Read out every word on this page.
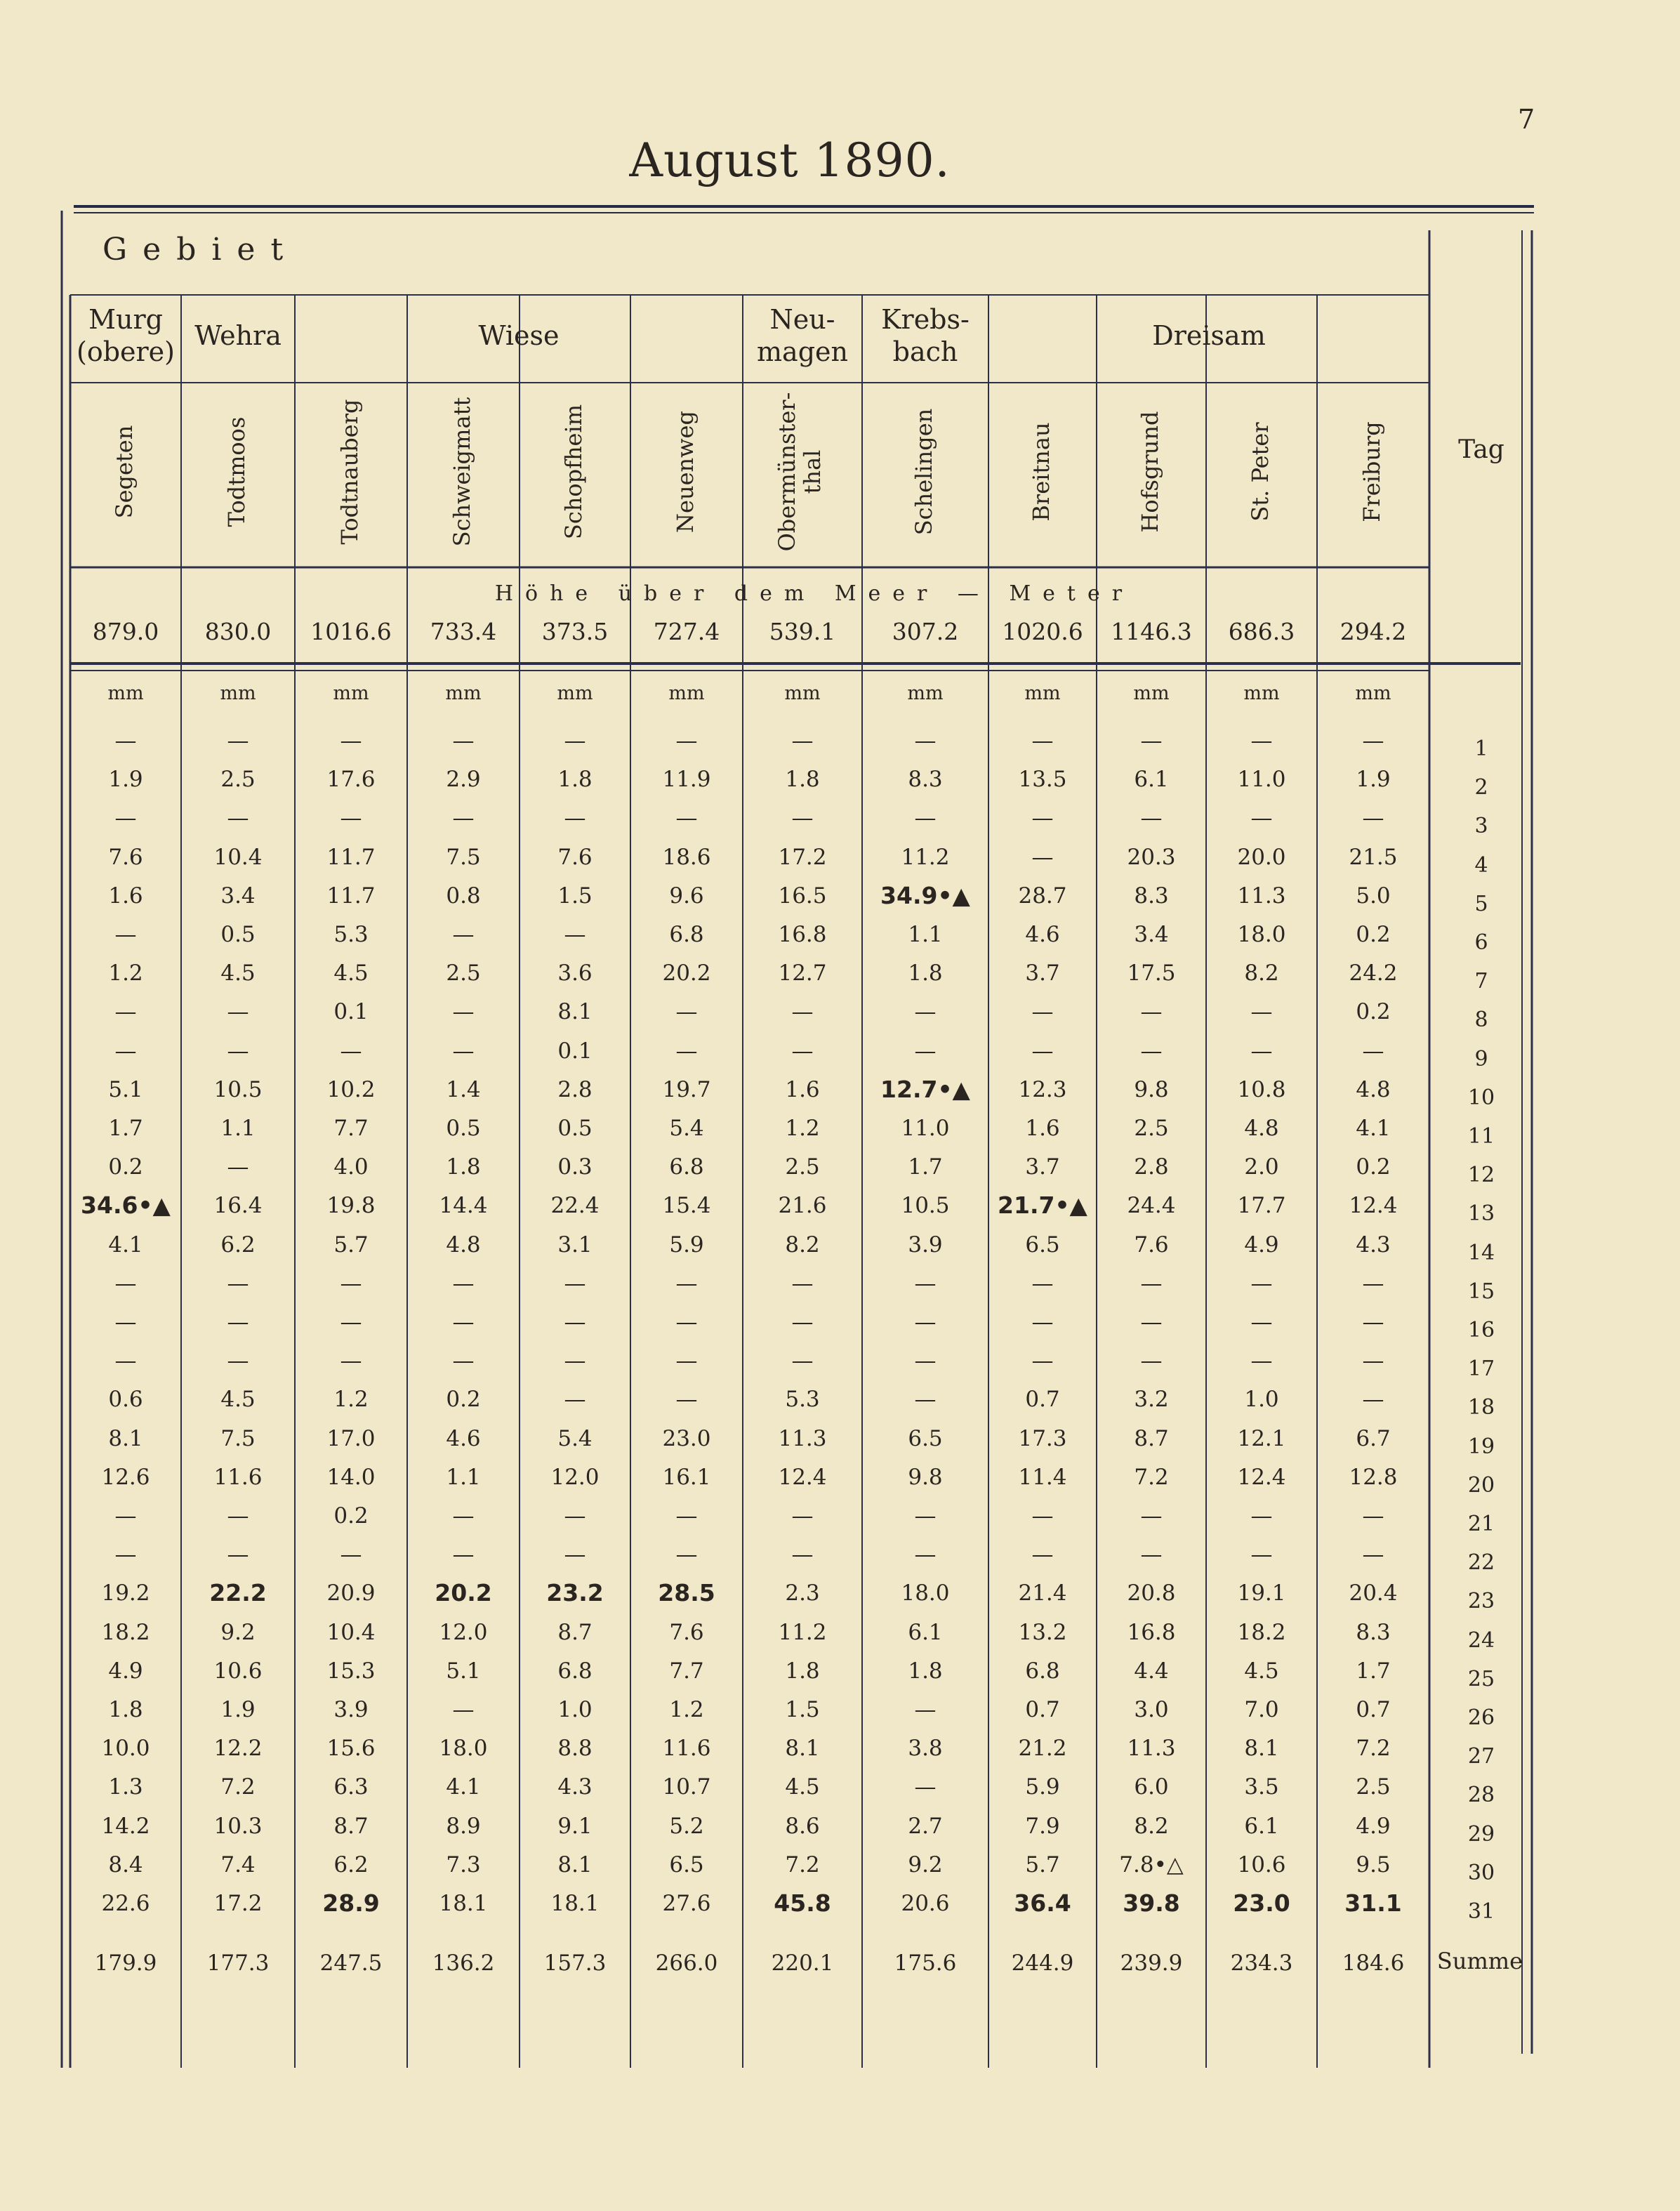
7
August 1890.
Gebiet
Murg
(obere)
Wehra	Wiese
Neu-
magen
Krebs-
bach
Dreisam
Segeten	Todtmoos	Todtnauberg	Schweigmatt	Schopfheim	Neuenweg	Obermünster-
thal	Schelingen	Breitnau	Hofsgrund	St. Peter	Freiburg	Tag
Höhe über dem Meer — Meter
879.0	830.0	1016.6	733.4	373.5	727.4	539.1	307.2	1020.6	1146.3	686.3	294.2
mm	mm	mm	mm	mm	mm	mm	mm	mm	mm	mm	mm
—	—	—	—	—	—	—	—	—	—	—	—	1
1.9	2.5	17.6	2.9	1.8	11.9	1.8	8.3	13.5	6.1	11.0	1.9	2
—	—	—	—	—	—	—	—	—	—	—	—	3
7.6	10.4	11.7	7.5	7.6	18.6	17.2	11.2	—	20.3	20.0	21.5	4
1.6	3.4	11.7	0.8	1.5	9.6	16.5	34.9•▲	28.7	8.3	11.3	5.0	5
—	0.5	5.3	—	—	6.8	16.8	1.1	4.6	3.4	18.0	0.2	6
1.2	4.5	4.5	2.5	3.6	20.2	12.7	1.8	3.7	17.5	8.2	24.2	7
—	—	0.1	—	8.1	—	—	—	—	—	—	0.2	8
—	—	—	—	0.1	—	—	—	—	—	—	—	9
5.1	10.5	10.2	1.4	2.8	19.7	1.6	12.7•▲	12.3	9.8	10.8	4.8	10
1.7	1.1	7.7	0.5	0.5	5.4	1.2	11.0	1.6	2.5	4.8	4.1	11
0.2	—	4.0	1.8	0.3	6.8	2.5	1.7	3.7	2.8	2.0	0.2	12
34.6•▲	16.4	19.8	14.4	22.4	15.4	21.6	10.5	21.7•▲	24.4	17.7	12.4	13
4.1	6.2	5.7	4.8	3.1	5.9	8.2	3.9	6.5	7.6	4.9	4.3	14
—	—	—	—	—	—	—	—	—	—	—	—	15
—	—	—	—	—	—	—	—	—	—	—	—	16
—	—	—	—	—	—	—	—	—	—	—	—	17
0.6	4.5	1.2	0.2	—	—	5.3	—	0.7	3.2	1.0	—	18
8.1	7.5	17.0	4.6	5.4	23.0	11.3	6.5	17.3	8.7	12.1	6.7	19
12.6	11.6	14.0	1.1	12.0	16.1	12.4	9.8	11.4	7.2	12.4	12.8	20
—	—	0.2	—	—	—	—	—	—	—	—	—	21
—	—	—	—	—	—	—	—	—	—	—	—	22
19.2	22.2	20.9	20.2	23.2	28.5	2.3	18.0	21.4	20.8	19.1	20.4	23
18.2	9.2	10.4	12.0	8.7	7.6	11.2	6.1	13.2	16.8	18.2	8.3	24
4.9	10.6	15.3	5.1	6.8	7.7	1.8	1.8	6.8	4.4	4.5	1.7	25
1.8	1.9	3.9	—	1.0	1.2	1.5	—	0.7	3.0	7.0	0.7	26
10.0	12.2	15.6	18.0	8.8	11.6	8.1	3.8	21.2	11.3	8.1	7.2	27
1.3	7.2	6.3	4.1	4.3	10.7	4.5	—	5.9	6.0	3.5	2.5	28
14.2	10.3	8.7	8.9	9.1	5.2	8.6	2.7	7.9	8.2	6.1	4.9	29
8.4	7.4	6.2	7.3	8.1	6.5	7.2	9.2	5.7	7.8•△	10.6	9.5	30
22.6	17.2	28.9	18.1	18.1	27.6	45.8	20.6	36.4	39.8	23.0	31.1	31
179.9	177.3	247.5	136.2	157.3	266.0	220.1	175.6	244.9	239.9	234.3	184.6	Summe
